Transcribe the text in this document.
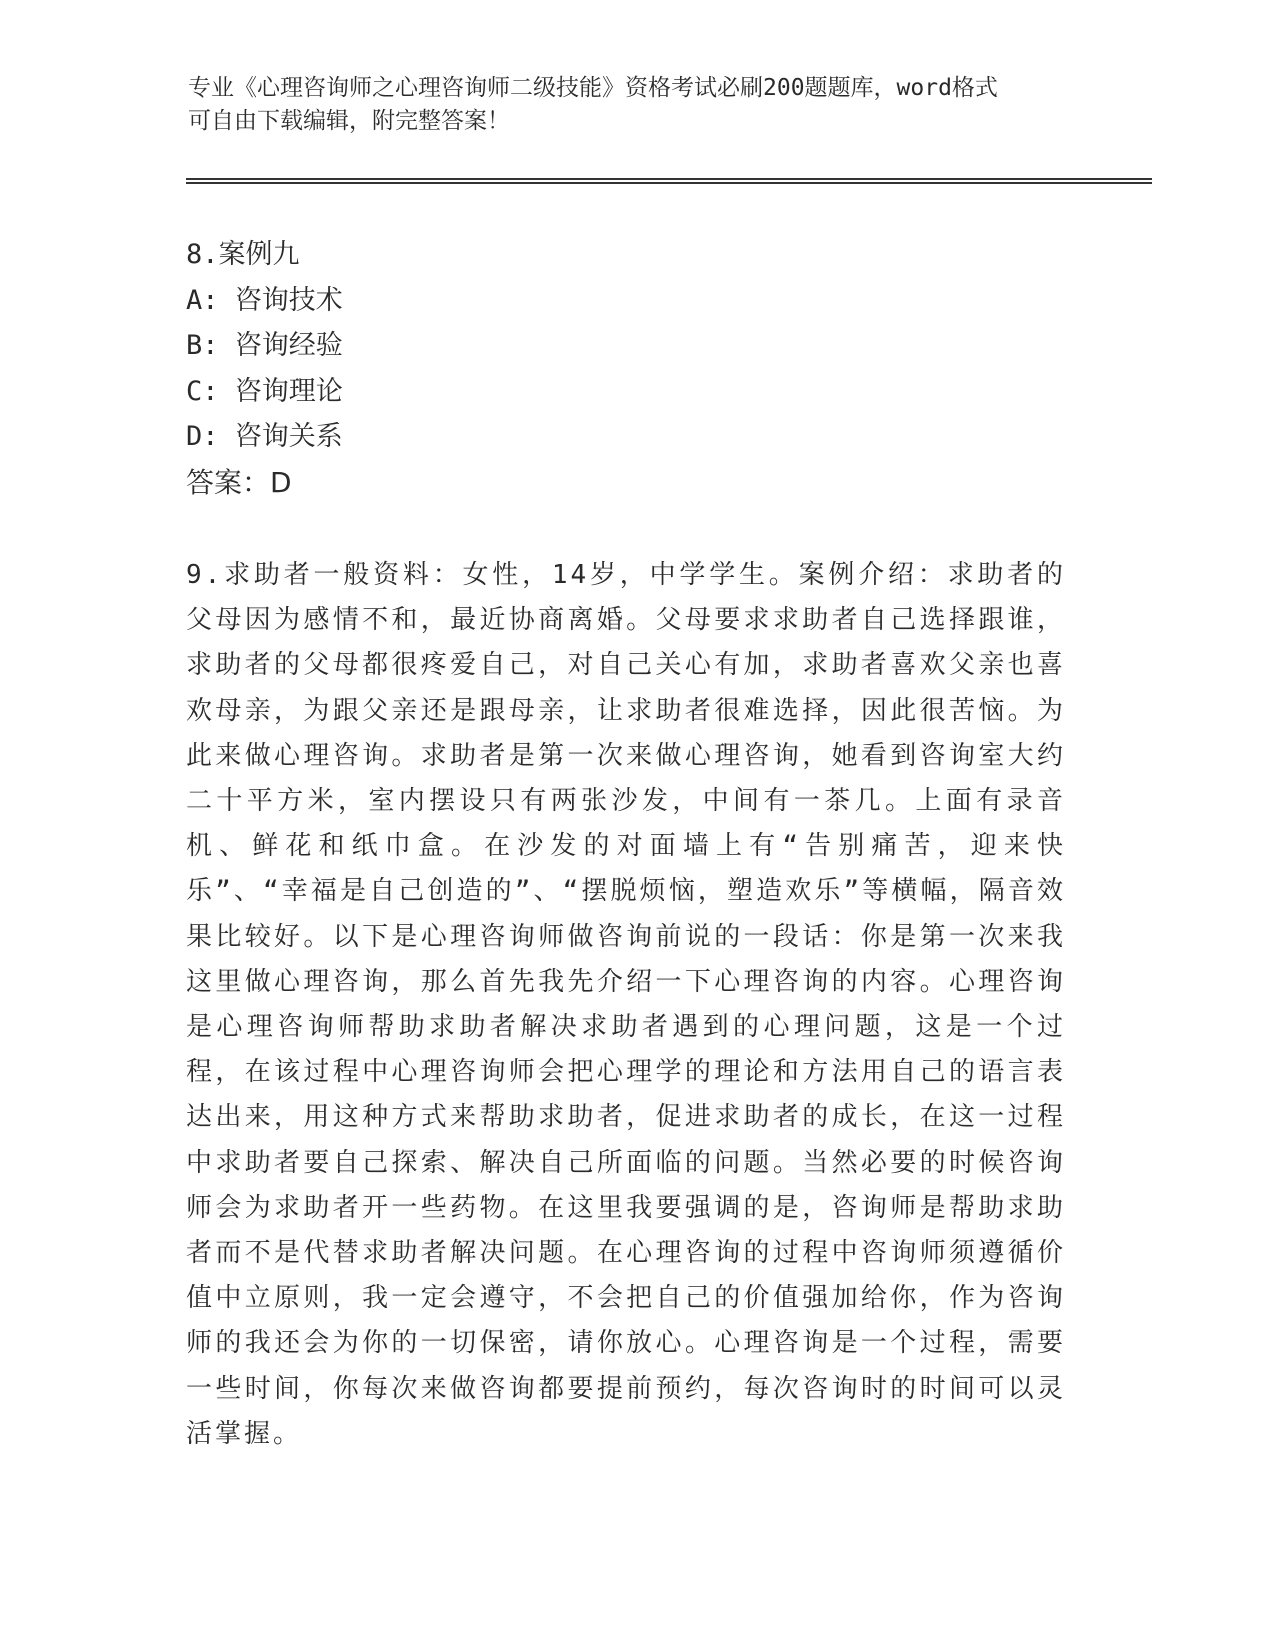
专业《心理咨询师之心理咨询师二级技能》资格考试必刷200题题库，word格式
可自由下载编辑，附完整答案！
8.案例九
A: 咨询技术
B: 咨询经验
C: 咨询理论
D: 咨询关系
答案：D
9.求助者一般资料：女性，14岁，中学学生。案例介绍：求助者的父母因为感情不和，最近协商离婚。父母要求求助者自己选择跟谁，求助者的父母都很疼爱自己，对自己关心有加，求助者喜欢父亲也喜欢母亲，为跟父亲还是跟母亲，让求助者很难选择，因此很苦恼。为此来做心理咨询。求助者是第一次来做心理咨询，她看到咨询室大约二十平方米，室内摆设只有两张沙发，中间有一茶几。上面有录音机、鲜花和纸巾盒。在沙发的对面墙上有“告别痛苦，迎来快乐”、“幸福是自己创造的”、“摆脱烦恼，塑造欢乐”等横幅，隔音效果比较好。以下是心理咨询师做咨询前说的一段话：你是第一次来我这里做心理咨询，那么首先我先介绍一下心理咨询的内容。心理咨询是心理咨询师帮助求助者解决求助者遇到的心理问题，这是一个过程，在该过程中心理咨询师会把心理学的理论和方法用自己的语言表达出来，用这种方式来帮助求助者，促进求助者的成长，在这一过程中求助者要自己探索、解决自己所面临的问题。当然必要的时候咨询师会为求助者开一些药物。在这里我要强调的是，咨询师是帮助求助者而不是代替求助者解决问题。在心理咨询的过程中咨询师须遵循价值中立原则，我一定会遵守，不会把自己的价值强加给你，作为咨询师的我还会为你的一切保密，请你放心。心理咨询是一个过程，需要一些时间，你每次来做咨询都要提前预约，每次咨询时的时间可以灵活掌握。
